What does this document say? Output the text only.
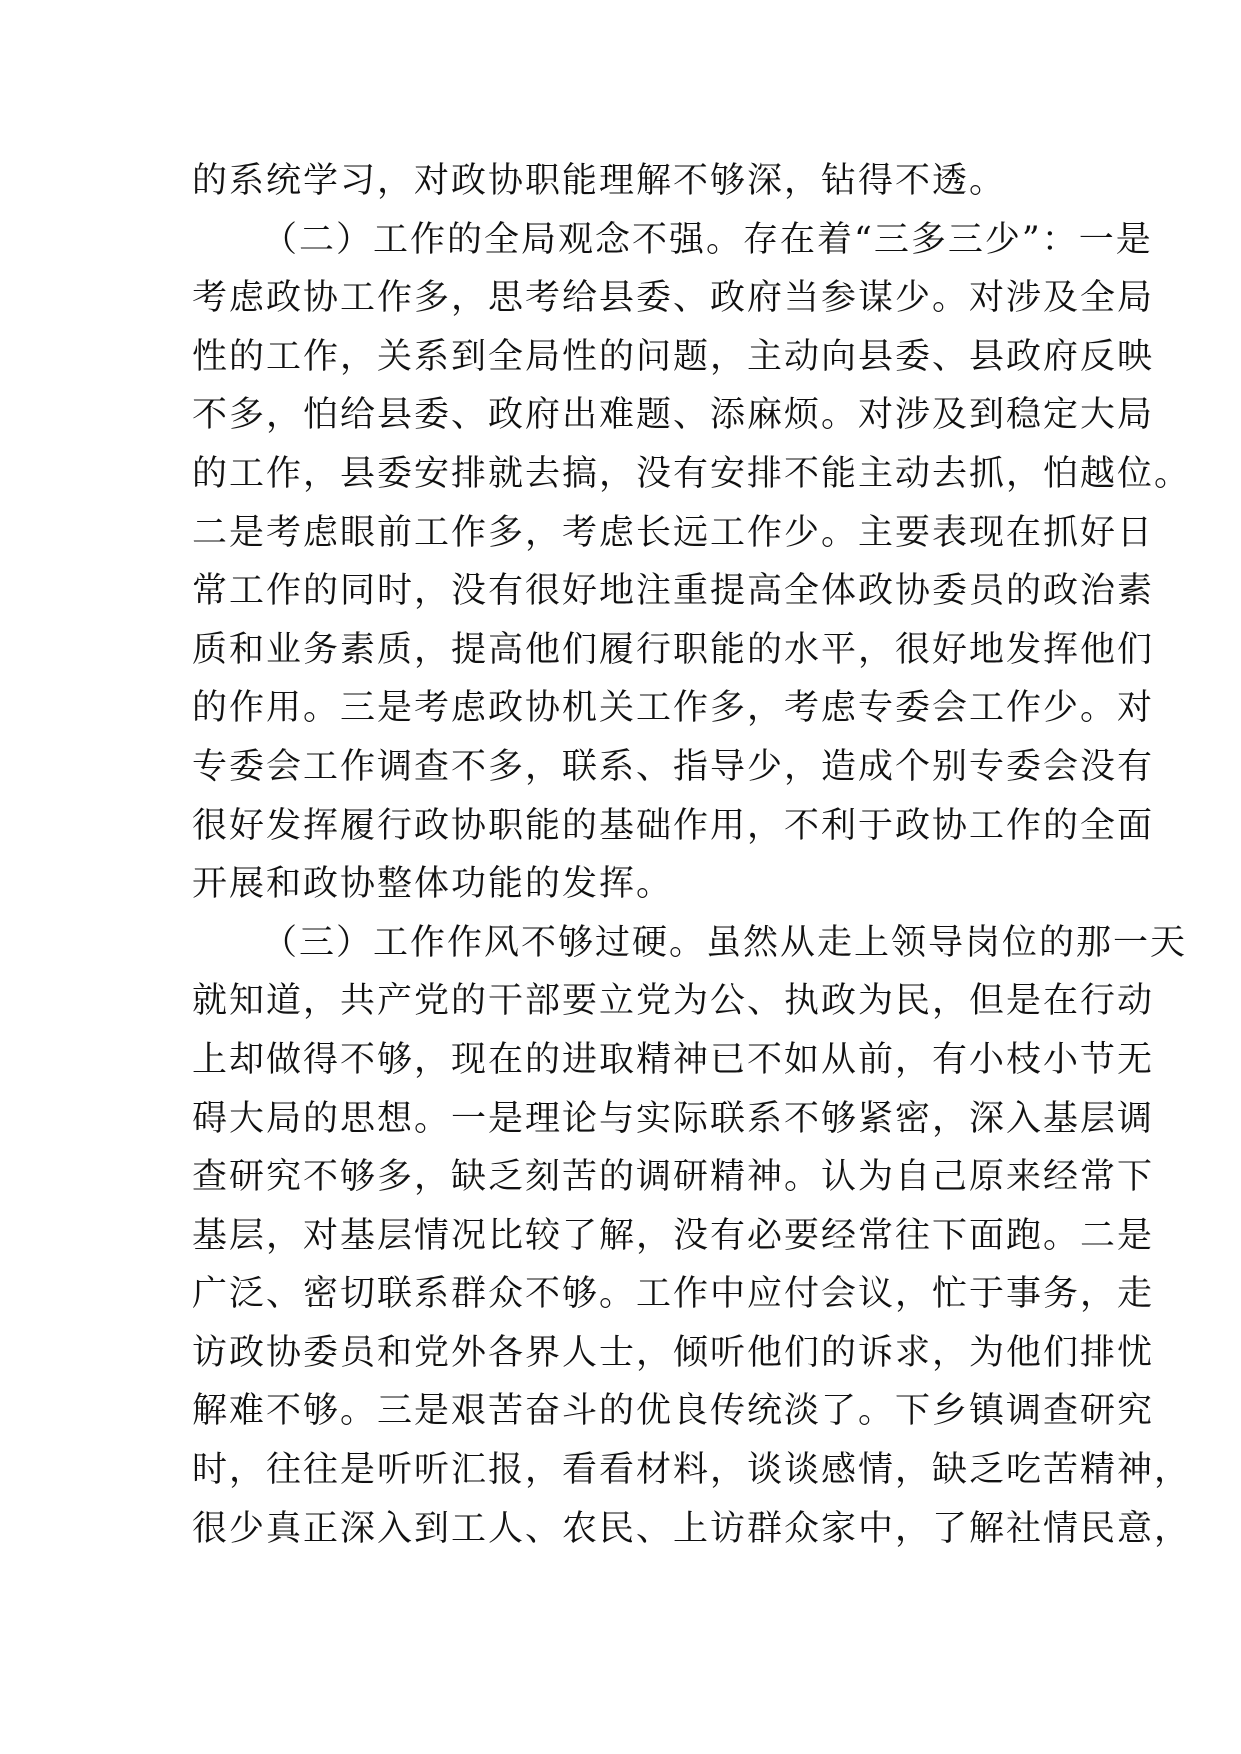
的系统学习，对政协职能理解不够深，钻得不透。
（二）工作的全局观念不强。存在着“三多三少”：一是
考虑政协工作多，思考给县委、政府当参谋少。对涉及全局
性的工作，关系到全局性的问题，主动向县委、县政府反映
不多，怕给县委、政府出难题、添麻烦。对涉及到稳定大局
的工作，县委安排就去搞，没有安排不能主动去抓，怕越位。
二是考虑眼前工作多，考虑长远工作少。主要表现在抓好日
常工作的同时，没有很好地注重提高全体政协委员的政治素
质和业务素质，提高他们履行职能的水平，很好地发挥他们
的作用。三是考虑政协机关工作多，考虑专委会工作少。对
专委会工作调查不多，联系、指导少，造成个别专委会没有
很好发挥履行政协职能的基础作用，不利于政协工作的全面
开展和政协整体功能的发挥。
（三）工作作风不够过硬。虽然从走上领导岗位的那一天
就知道，共产党的干部要立党为公、执政为民，但是在行动
上却做得不够，现在的进取精神已不如从前，有小枝小节无
碍大局的思想。一是理论与实际联系不够紧密，深入基层调
查研究不够多，缺乏刻苦的调研精神。认为自己原来经常下
基层，对基层情况比较了解，没有必要经常往下面跑。二是
广泛、密切联系群众不够。工作中应付会议，忙于事务，走
访政协委员和党外各界人士，倾听他们的诉求，为他们排忧
解难不够。三是艰苦奋斗的优良传统淡了。下乡镇调查研究
时，往往是听听汇报，看看材料，谈谈感情，缺乏吃苦精神，
很少真正深入到工人、农民、上访群众家中，了解社情民意，
